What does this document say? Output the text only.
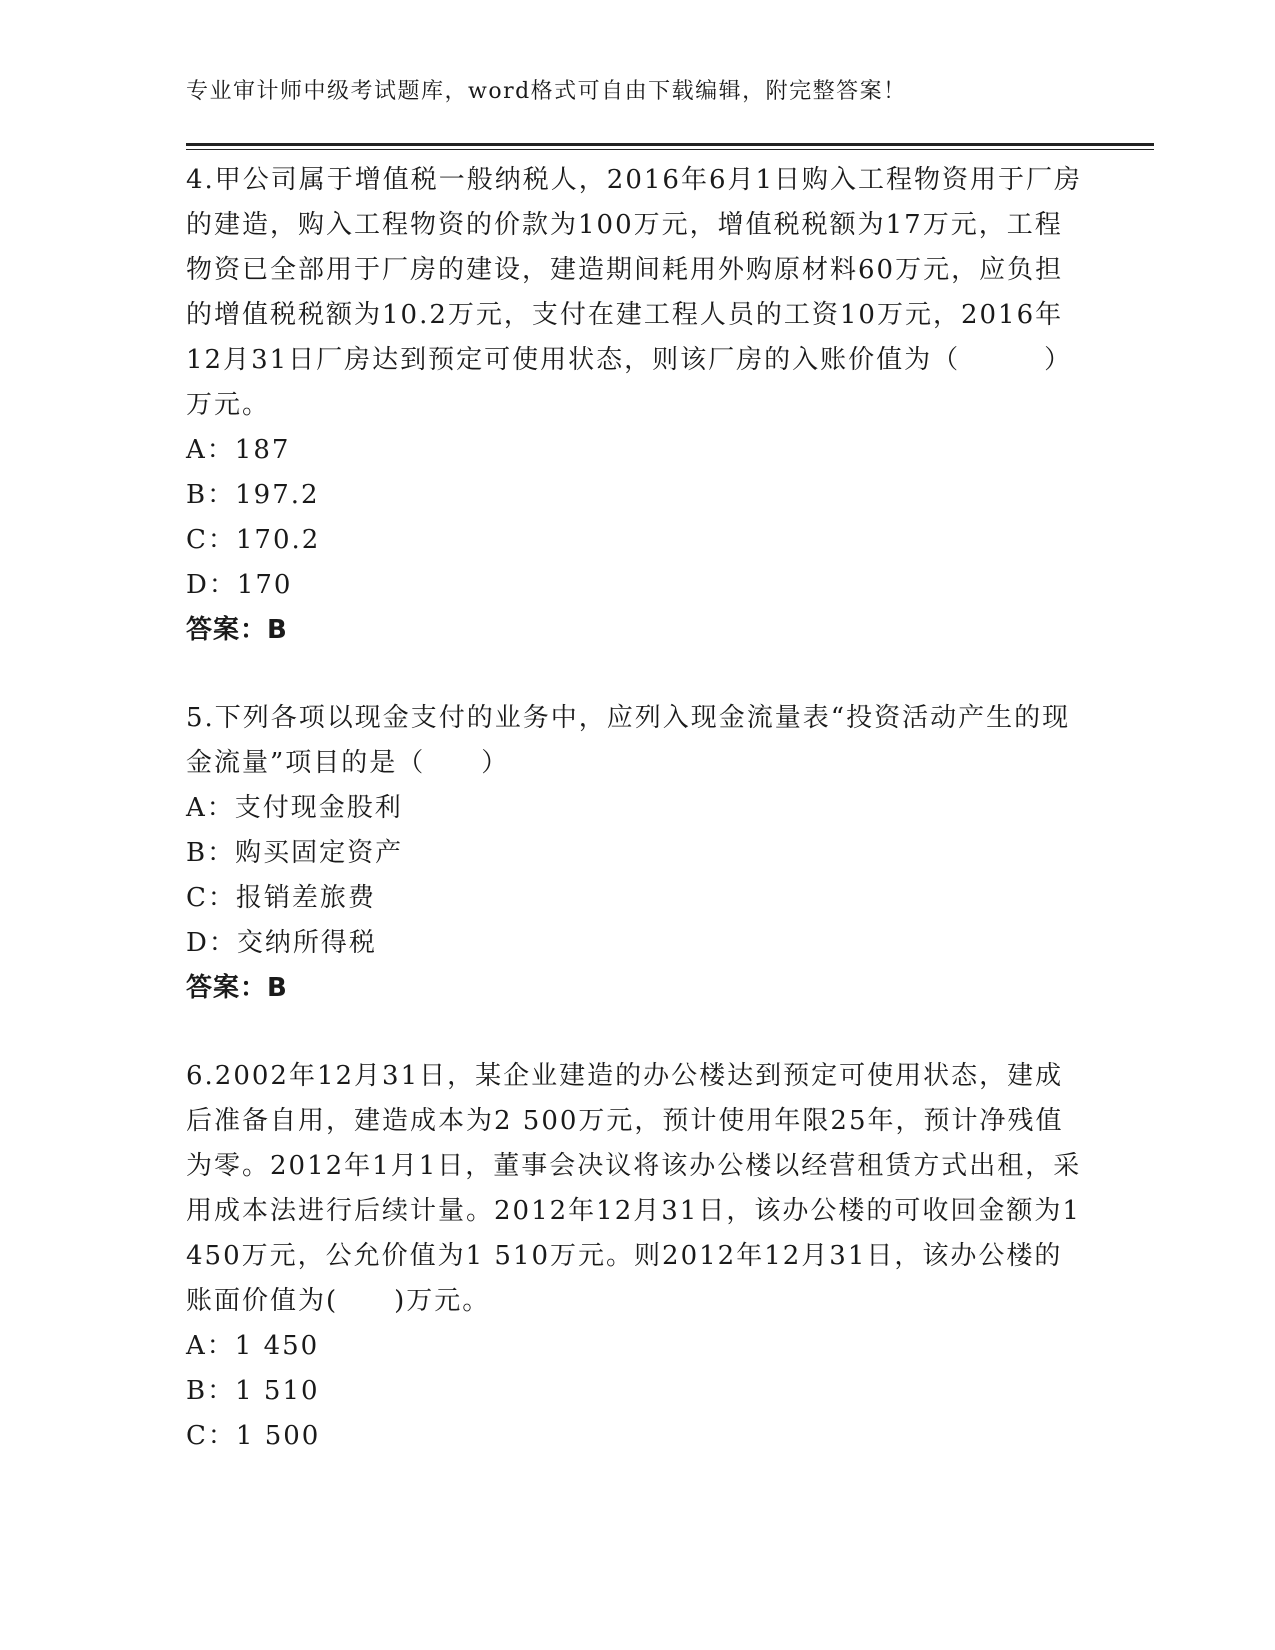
专业审计师中级考试题库，word格式可自由下载编辑，附完整答案！

4.甲公司属于增值税一般纳税人，2016年6月1日购入工程物资用于厂房的建造，购入工程物资的价款为100万元，增值税税额为17万元，工程物资已全部用于厂房的建设，建造期间耗用外购原材料60万元，应负担的增值税税额为10.2万元，支付在建工程人员的工资10万元，2016年12月31日厂房达到预定可使用状态，则该厂房的入账价值为（　　　）万元。

A：187

B：197.2

C：170.2

D：170

答案：B

5.下列各项以现金支付的业务中，应列入现金流量表“投资活动产生的现金流量”项目的是（　　）

A：支付现金股利

B：购买固定资产

C：报销差旅费

D：交纳所得税

答案：B

6.2002年12月31日，某企业建造的办公楼达到预定可使用状态，建成后准备自用，建造成本为2 500万元，预计使用年限25年，预计净残值为零。2012年1月1日，董事会决议将该办公楼以经营租赁方式出租，采用成本法进行后续计量。2012年12月31日，该办公楼的可收回金额为1 450万元，公允价值为1 510万元。则2012年12月31日，该办公楼的账面价值为(　　)万元。

A：1 450

B：1 510

C：1 500
